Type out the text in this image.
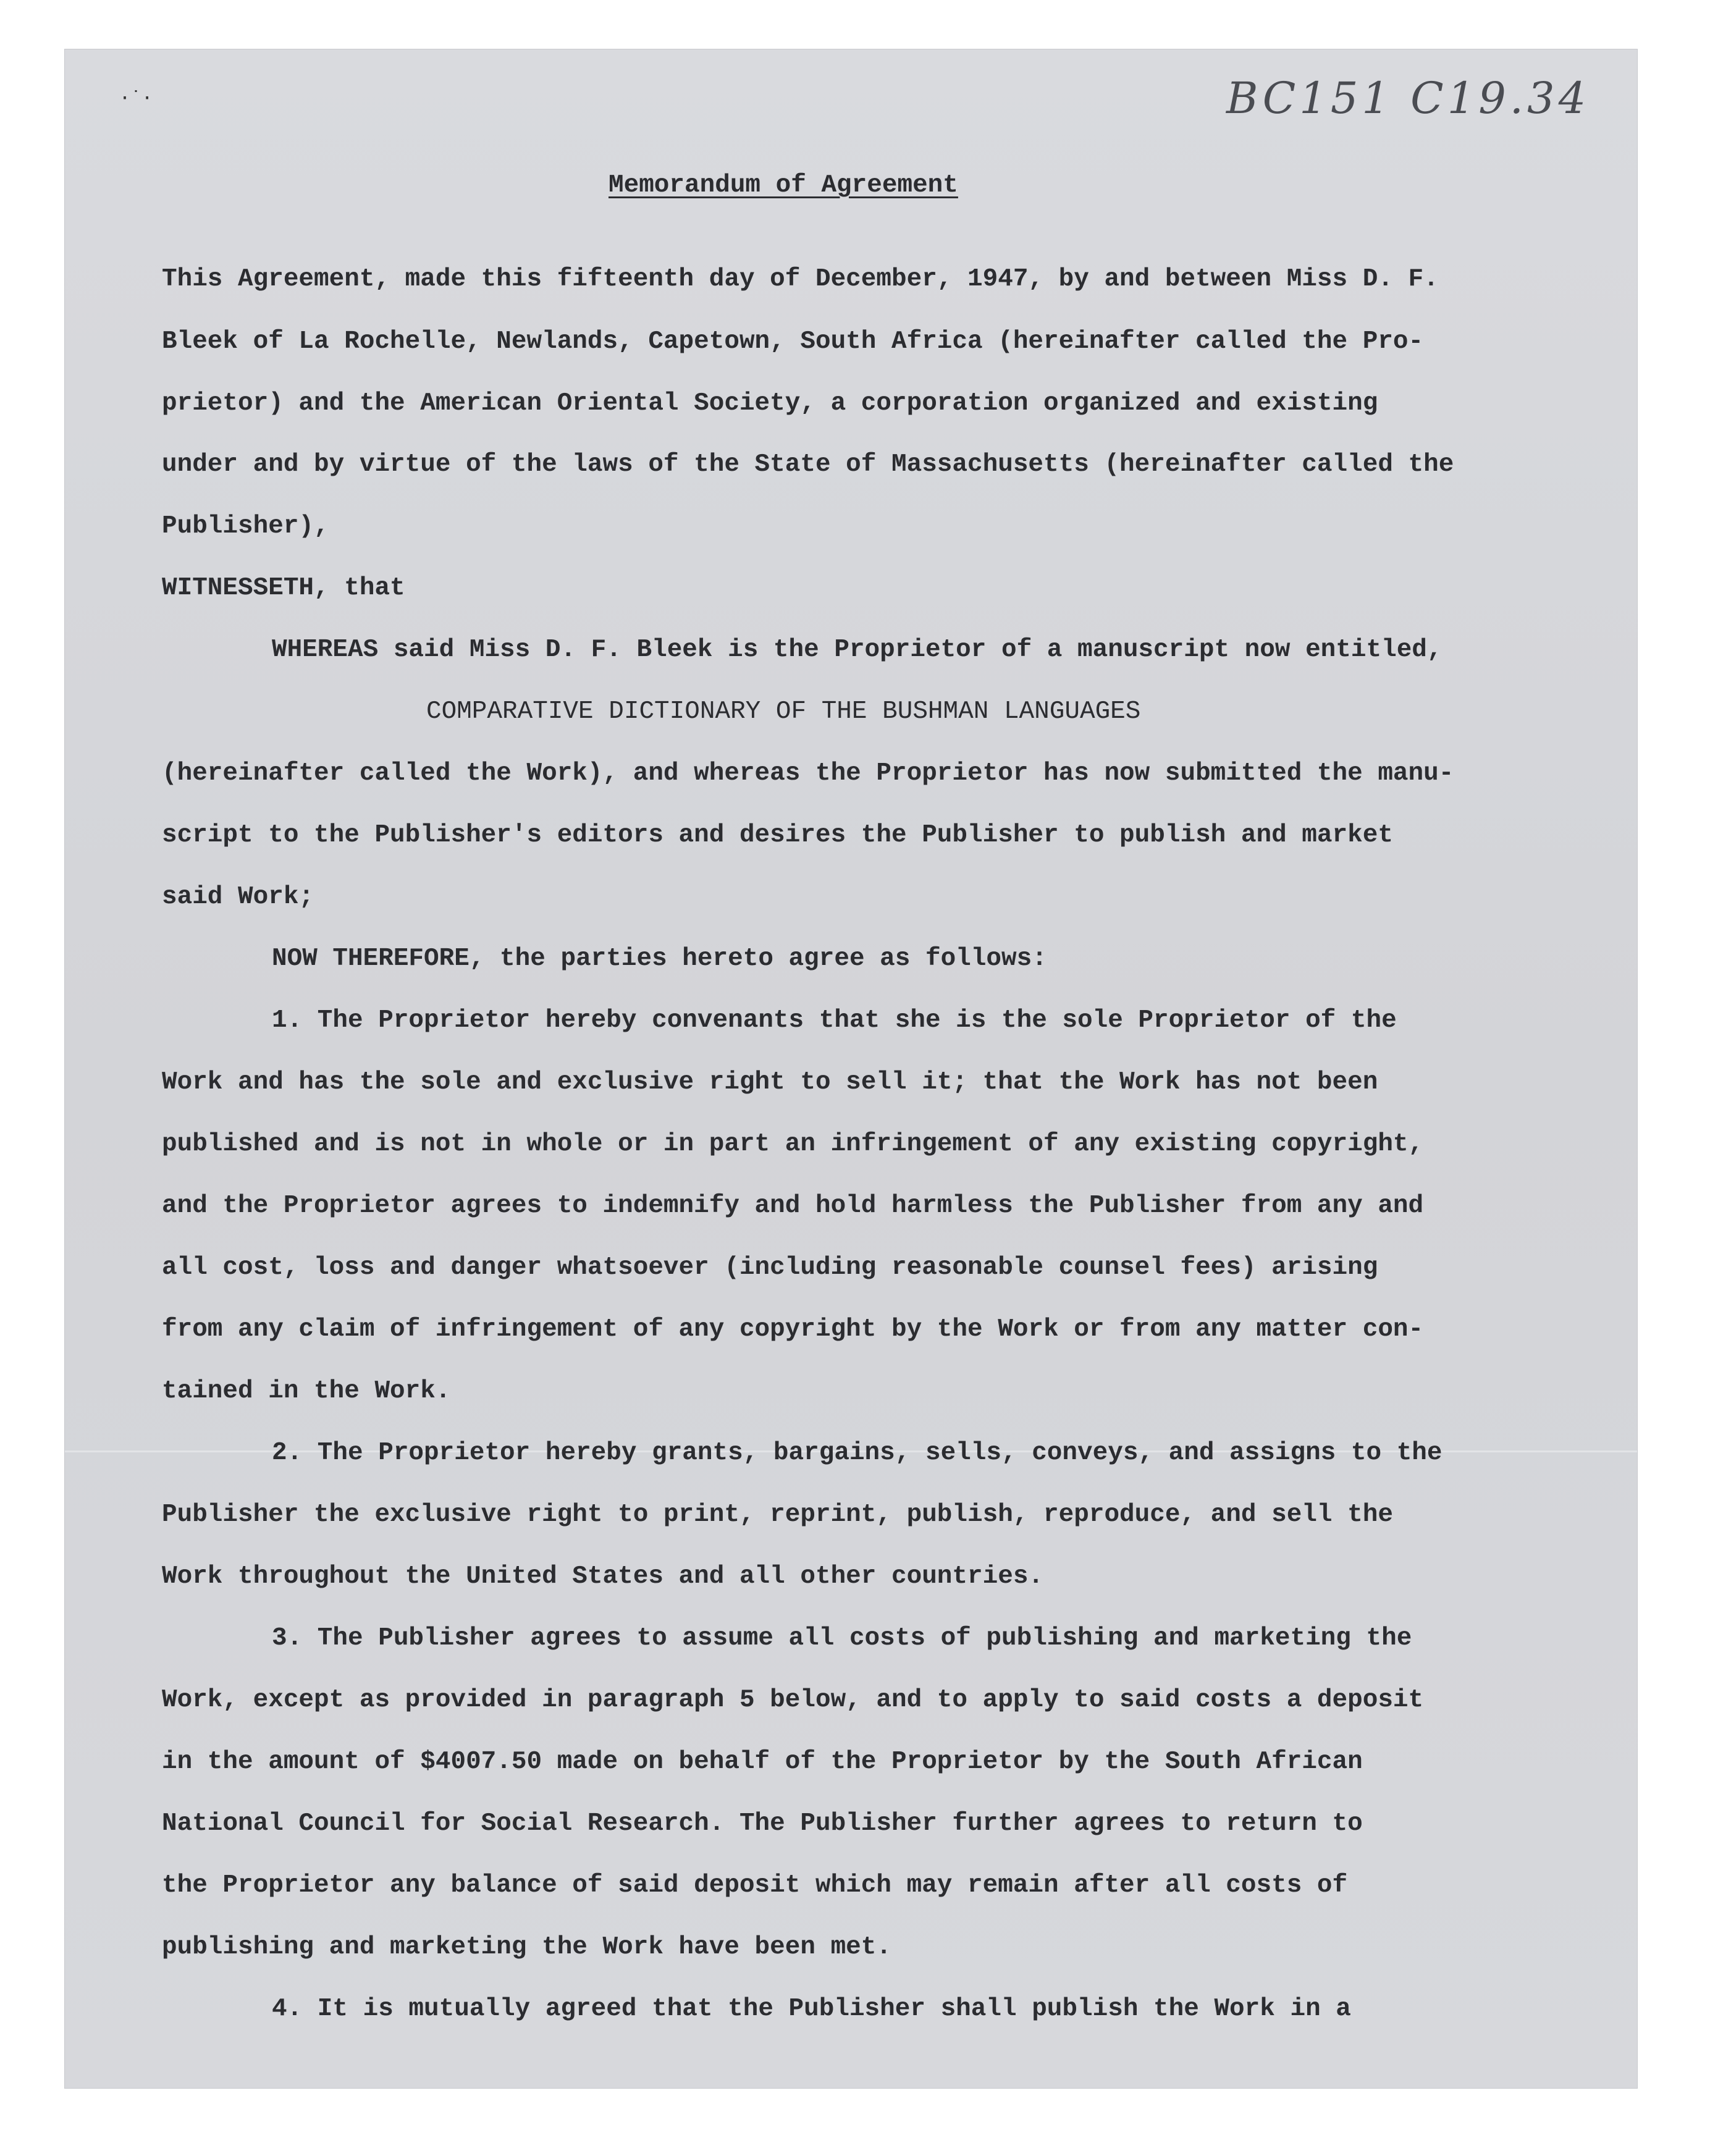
·˙·	BC151 C19.34
Memorandum of Agreement
This Agreement, made this fifteenth day of December, 1947, by and between Miss D. F.
Bleek of La Rochelle, Newlands, Capetown, South Africa (hereinafter called the Pro-
prietor) and the American Oriental Society, a corporation organized and existing
under and by virtue of the laws of the State of Massachusetts (hereinafter called the
Publisher),
WITNESSETH, that
WHEREAS said Miss D. F. Bleek is the Proprietor of a manuscript now entitled,
COMPARATIVE DICTIONARY OF THE BUSHMAN LANGUAGES
(hereinafter called the Work), and whereas the Proprietor has now submitted the manu-
script to the Publisher's editors and desires the Publisher to publish and market
said Work;
NOW THEREFORE, the parties hereto agree as follows:
1. The Proprietor hereby convenants that she is the sole Proprietor of the
Work and has the sole and exclusive right to sell it; that the Work has not been
published and is not in whole or in part an infringement of any existing copyright,
and the Proprietor agrees to indemnify and hold harmless the Publisher from any and
all cost, loss and danger whatsoever (including reasonable counsel fees) arising
from any claim of infringement of any copyright by the Work or from any matter con-
tained in the Work.
2. The Proprietor hereby grants, bargains, sells, conveys, and assigns to the
Publisher the exclusive right to print, reprint, publish, reproduce, and sell the
Work throughout the United States and all other countries.
3. The Publisher agrees to assume all costs of publishing and marketing the
Work, except as provided in paragraph 5 below, and to apply to said costs a deposit
in the amount of $4007.50 made on behalf of the Proprietor by the South African
National Council for Social Research. The Publisher further agrees to return to
the Proprietor any balance of said deposit which may remain after all costs of
publishing and marketing the Work have been met.
4. It is mutually agreed that the Publisher shall publish the Work in a
